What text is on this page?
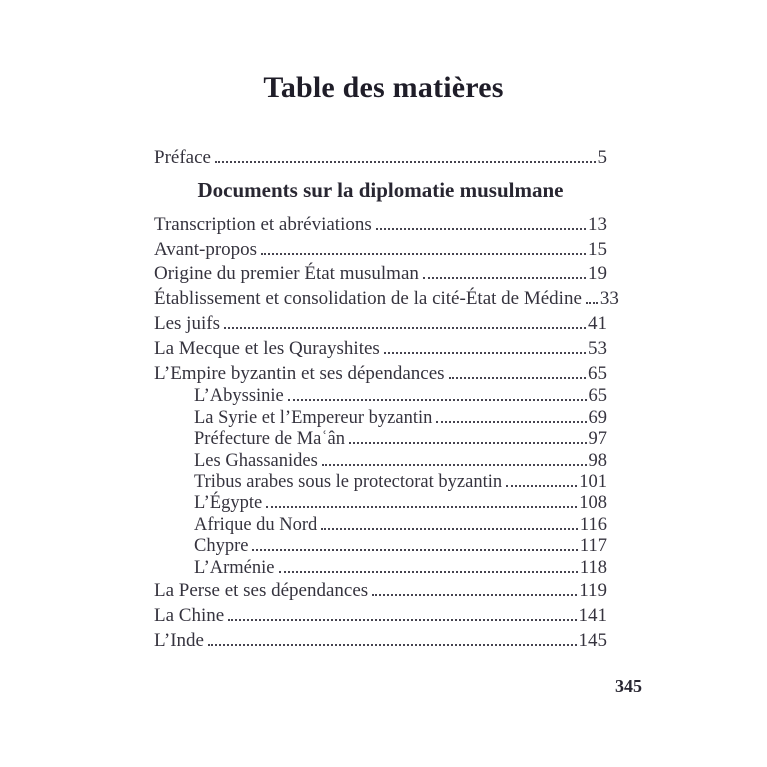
Table des matières
Préface	5
Documents sur la diplomatie musulmane
Transcription et abréviations	13
Avant-propos	15
Origine du premier État musulman	19
Établissement et consolidation de la cité-État de Médine 33
Les juifs	41
La Mecque et les Qurayshites	53
L’Empire byzantin et ses dépendances	65
L’Abyssinie	65
La Syrie et l’Empereur byzantin	69
Préfecture de Maʿân	97
Les Ghassanides	98
Tribus arabes sous le protectorat byzantin	101
L’Égypte	108
Afrique du Nord	116
Chypre	117
L’Arménie	118
La Perse et ses dépendances	119
La Chine	141
L’Inde	145
345
